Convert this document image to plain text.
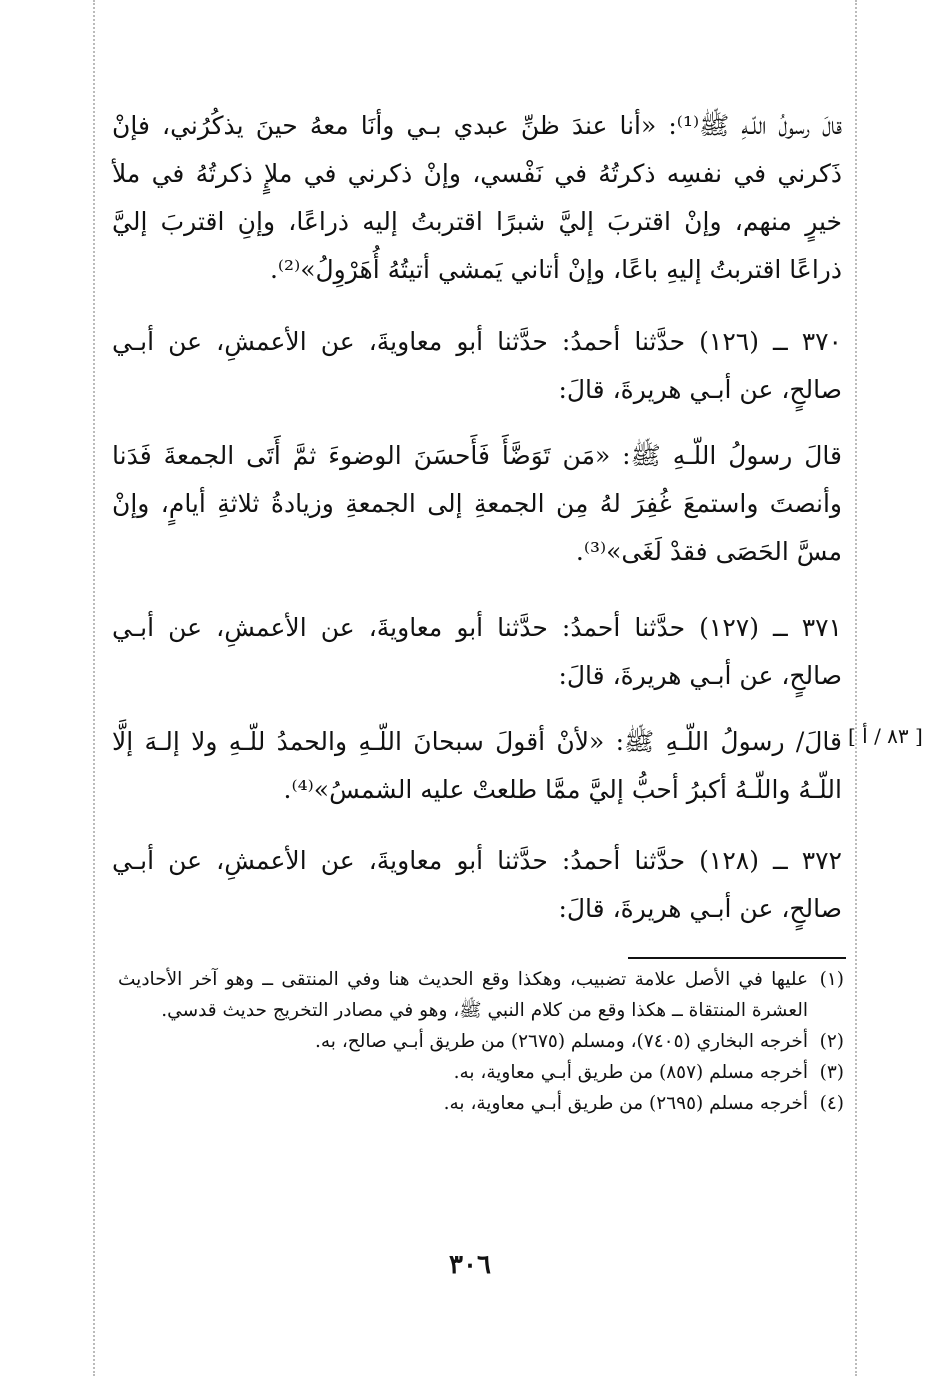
قالَ رسولُ اللّـهِ ﷺ⁽¹⁾: «أنا عندَ ظنِّ عبدي بـي وأنَا معهُ حينَ يذكُرُني، فإنْ ذَكرني في نفسِه ذكرتُهُ في نَفْسي، وإنْ ذكرني في ملإٍ ذكرتُهُ في ملأ خيرٍ منهم، وإنْ اقتربَ إليَّ شبرًا اقتربتُ إليه ذراعًا، وإنِ اقتربَ إليَّ ذراعًا اقتربتُ إليهِ باعًا، وإنْ أتاني يَمشي أتيتُهُ أُهَرْوِلُ»⁽²⁾.
٣٧٠ ــ (١٢٦) حدَّثنا أحمدُ: حدَّثنا أبو معاويةَ، عن الأعمشِ، عن أبـي صالحٍ، عن أبـي هريرةَ، قالَ:
قالَ رسولُ اللّـهِ ﷺ: «مَن تَوَضَّأَ فَأَحسَنَ الوضوءَ ثمَّ أَتَى الجمعةَ فَدَنا وأنصتَ واستمعَ غُفِرَ لهُ مِن الجمعةِ إلى الجمعةِ وزيادةُ ثلاثةِ أيامٍ، وإنْ مسَّ الحَصَى فقدْ لَغَى»⁽³⁾.
٣٧١ ــ (١٢٧) حدَّثنا أحمدُ: حدَّثنا أبو معاويةَ، عن الأعمشِ، عن أبـي صالحٍ، عن أبـي هريرةَ، قالَ:
[ ٨٣ / أ ]
قالَ/ رسولُ اللّـهِ ﷺ: «لأنْ أقولَ سبحانَ اللّـهِ والحمدُ للّـهِ ولا إلـهَ إلَّا اللّـهُ واللّـهُ أكبرُ أحبُّ إليَّ ممَّا طلعتْ عليه الشمسُ»⁽⁴⁾.
٣٧٢ ــ (١٢٨) حدَّثنا أحمدُ: حدَّثنا أبو معاويةَ، عن الأعمشِ، عن أبـي صالحٍ، عن أبـي هريرةَ، قالَ:
(١)
عليها في الأصل علامة تضبيب، وهكذا وقع الحديث هنا وفي المنتقى ــ وهو آخر الأحاديث العشرة المنتقاة ــ هكذا وقع من كلام النبي ﷺ، وهو في مصادر التخريج حديث قدسي.
(٢)
أخرجه البخاري (٧٤٠٥)، ومسلم (٢٦٧٥) من طريق أبـي صالح، به.
(٣)
أخرجه مسلم (٨٥٧) من طريق أبـي معاوية، به.
(٤)
أخرجه مسلم (٢٦٩٥) من طريق أبـي معاوية، به.
٣٠٦
